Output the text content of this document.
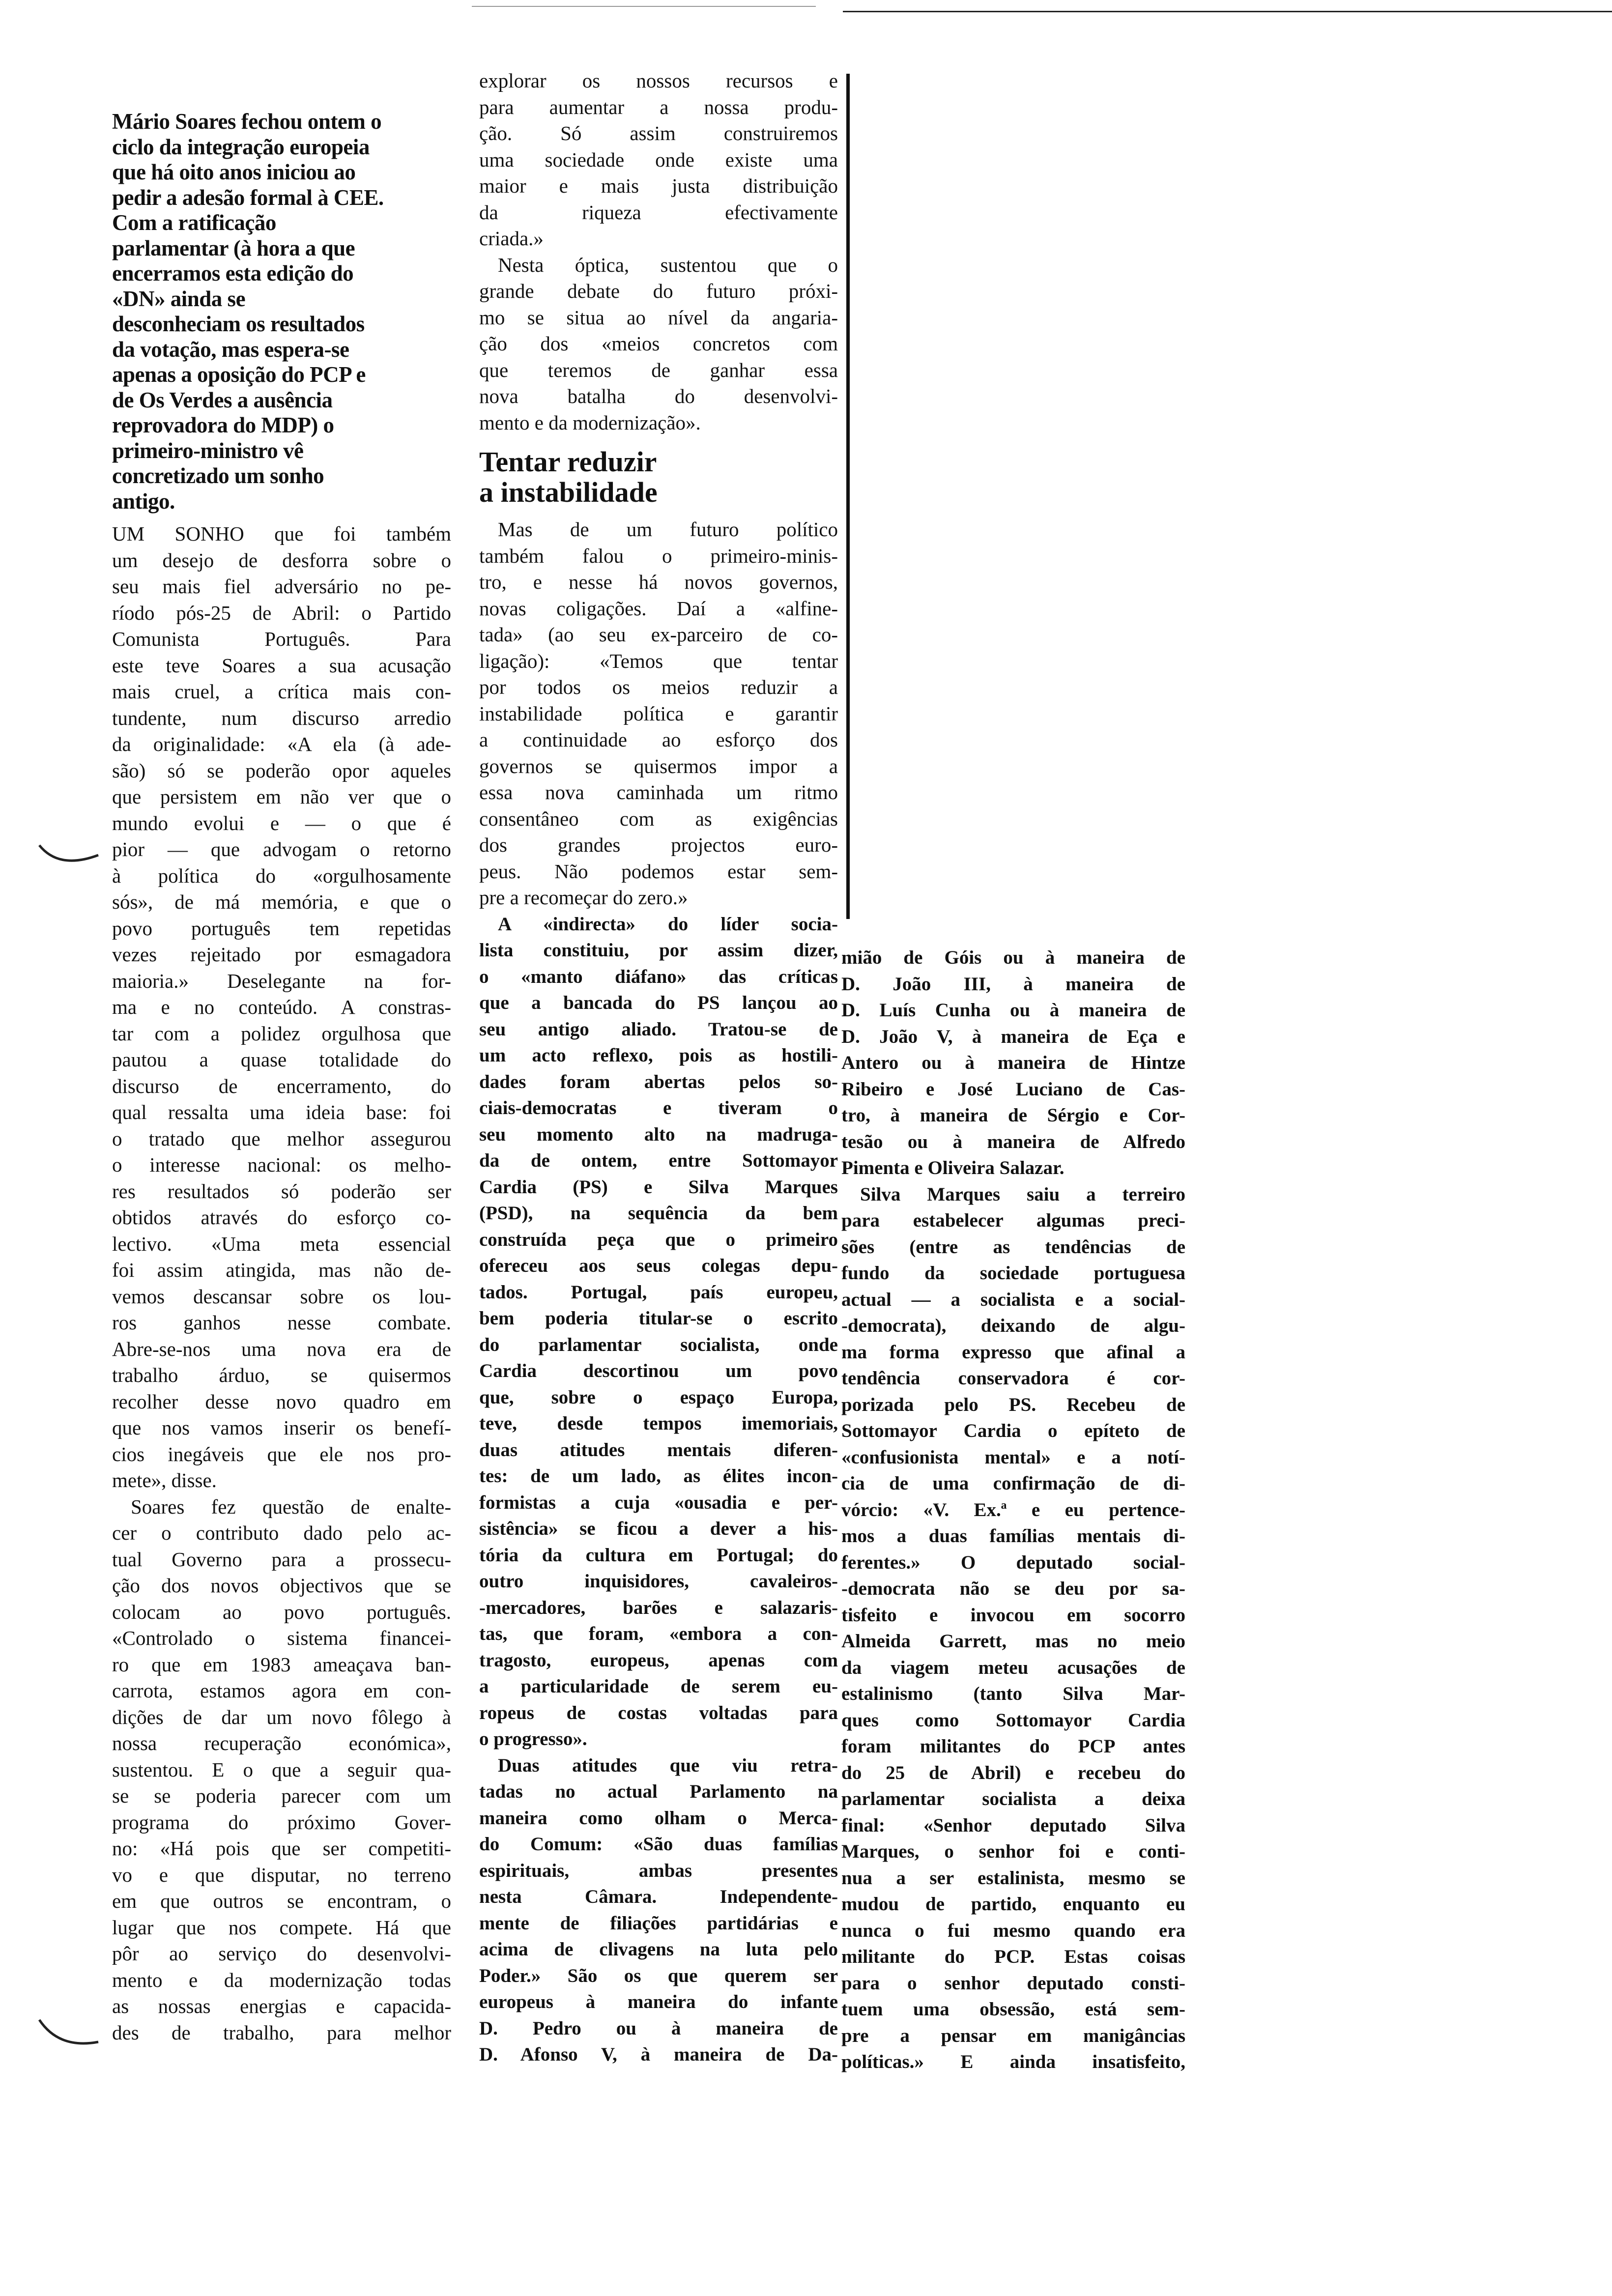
Mário Soares fechou ontem o
ciclo da integração europeia
que há oito anos iniciou ao
pedir a adesão formal à CEE.
Com a ratificação
parlamentar (à hora a que
encerramos esta edição do
«DN» ainda se
desconheciam os resultados
da votação, mas espera-se
apenas a oposição do PCP e
de Os Verdes a ausência
reprovadora do MDP) o
primeiro-ministro vê
concretizado um sonho
antigo.
UM SONHO que foi também
um desejo de desforra sobre o
seu mais fiel adversário no pe-
ríodo pós-25 de Abril: o Partido
Comunista Português. Para
este teve Soares a sua acusação
mais cruel, a crítica mais con-
tundente, num discurso arredio
da originalidade: «A ela (à ade-
são) só se poderão opor aqueles
que persistem em não ver que o
mundo evolui e — o que é
pior — que advogam o retorno
à política do «orgulhosamente
sós», de má memória, e que o
povo português tem repetidas
vezes rejeitado por esmagadora
maioria.» Deselegante na for-
ma e no conteúdo. A constras-
tar com a polidez orgulhosa que
pautou a quase totalidade do
discurso de encerramento, do
qual ressalta uma ideia base: foi
o tratado que melhor assegurou
o interesse nacional: os melho-
res resultados só poderão ser
obtidos através do esforço co-
lectivo. «Uma meta essencial
foi assim atingida, mas não de-
vemos descansar sobre os lou-
ros ganhos nesse combate.
Abre-se-nos uma nova era de
trabalho árduo, se quisermos
recolher desse novo quadro em
que nos vamos inserir os benefí-
cios inegáveis que ele nos pro-
mete», disse.
Soares fez questão de enalte-
cer o contributo dado pelo ac-
tual Governo para a prossecu-
ção dos novos objectivos que se
colocam ao povo português.
«Controlado o sistema financei-
ro que em 1983 ameaçava ban-
carrota, estamos agora em con-
dições de dar um novo fôlego à
nossa recuperação económica»,
sustentou. E o que a seguir qua-
se se poderia parecer com um
programa do próximo Gover-
no: «Há pois que ser competiti-
vo e que disputar, no terreno
em que outros se encontram, o
lugar que nos compete. Há que
pôr ao serviço do desenvolvi-
mento e da modernização todas
as nossas energias e capacida-
des de trabalho, para melhor
explorar os nossos recursos e
para aumentar a nossa produ-
ção. Só assim construiremos
uma sociedade onde existe uma
maior e mais justa distribuição
da riqueza efectivamente
criada.»
Nesta óptica, sustentou que o
grande debate do futuro próxi-
mo se situa ao nível da angaria-
ção dos «meios concretos com
que teremos de ganhar essa
nova batalha do desenvolvi-
mento e da modernização».
Tentar reduzir
a instabilidade
Mas de um futuro político
também falou o primeiro-minis-
tro, e nesse há novos governos,
novas coligações. Daí a «alfine-
tada» (ao seu ex-parceiro de co-
ligação): «Temos que tentar
por todos os meios reduzir a
instabilidade política e garantir
a continuidade ao esforço dos
governos se quisermos impor a
essa nova caminhada um ritmo
consentâneo com as exigências
dos grandes projectos euro-
peus. Não podemos estar sem-
pre a recomeçar do zero.»
A «indirecta» do líder socia-
lista constituiu, por assim dizer,
o «manto diáfano» das críticas
que a bancada do PS lançou ao
seu antigo aliado. Tratou-se de
um acto reflexo, pois as hostili-
dades foram abertas pelos so-
ciais-democratas e tiveram o
seu momento alto na madruga-
da de ontem, entre Sottomayor
Cardia (PS) e Silva Marques
(PSD), na sequência da bem
construída peça que o primeiro
ofereceu aos seus colegas depu-
tados. Portugal, país europeu,
bem poderia titular-se o escrito
do parlamentar socialista, onde
Cardia descortinou um povo
que, sobre o espaço Europa,
teve, desde tempos imemoriais,
duas atitudes mentais diferen-
tes: de um lado, as élites incon-
formistas a cuja «ousadia e per-
sistência» se ficou a dever a his-
tória da cultura em Portugal; do
outro inquisidores, cavaleiros-
-mercadores, barões e salazaris-
tas, que foram, «embora a con-
tragosto, europeus, apenas com
a particularidade de serem eu-
ropeus de costas voltadas para
o progresso».
Duas atitudes que viu retra-
tadas no actual Parlamento na
maneira como olham o Merca-
do Comum: «São duas famílias
espirituais, ambas presentes
nesta Câmara. Independente-
mente de filiações partidárias e
acima de clivagens na luta pelo
Poder.» São os que querem ser
europeus à maneira do infante
D. Pedro ou à maneira de
D. Afonso V, à maneira de Da-
mião de Góis ou à maneira de
D. João III, à maneira de
D. Luís Cunha ou à maneira de
D. João V, à maneira de Eça e
Antero ou à maneira de Hintze
Ribeiro e José Luciano de Cas-
tro, à maneira de Sérgio e Cor-
tesão ou à maneira de Alfredo
Pimenta e Oliveira Salazar.
Silva Marques saiu a terreiro
para estabelecer algumas preci-
sões (entre as tendências de
fundo da sociedade portuguesa
actual — a socialista e a social-
-democrata), deixando de algu-
ma forma expresso que afinal a
tendência conservadora é cor-
porizada pelo PS. Recebeu de
Sottomayor Cardia o epíteto de
«confusionista mental» e a notí-
cia de uma confirmação de di-
vórcio: «V. Ex.ª e eu pertence-
mos a duas famílias mentais di-
ferentes.» O deputado social-
-democrata não se deu por sa-
tisfeito e invocou em socorro
Almeida Garrett, mas no meio
da viagem meteu acusações de
estalinismo (tanto Silva Mar-
ques como Sottomayor Cardia
foram militantes do PCP antes
do 25 de Abril) e recebeu do
parlamentar socialista a deixa
final: «Senhor deputado Silva
Marques, o senhor foi e conti-
nua a ser estalinista, mesmo se
mudou de partido, enquanto eu
nunca o fui mesmo quando era
militante do PCP. Estas coisas
para o senhor deputado consti-
tuem uma obsessão, está sem-
pre a pensar em manigâncias
políticas.» E ainda insatisfeito,
